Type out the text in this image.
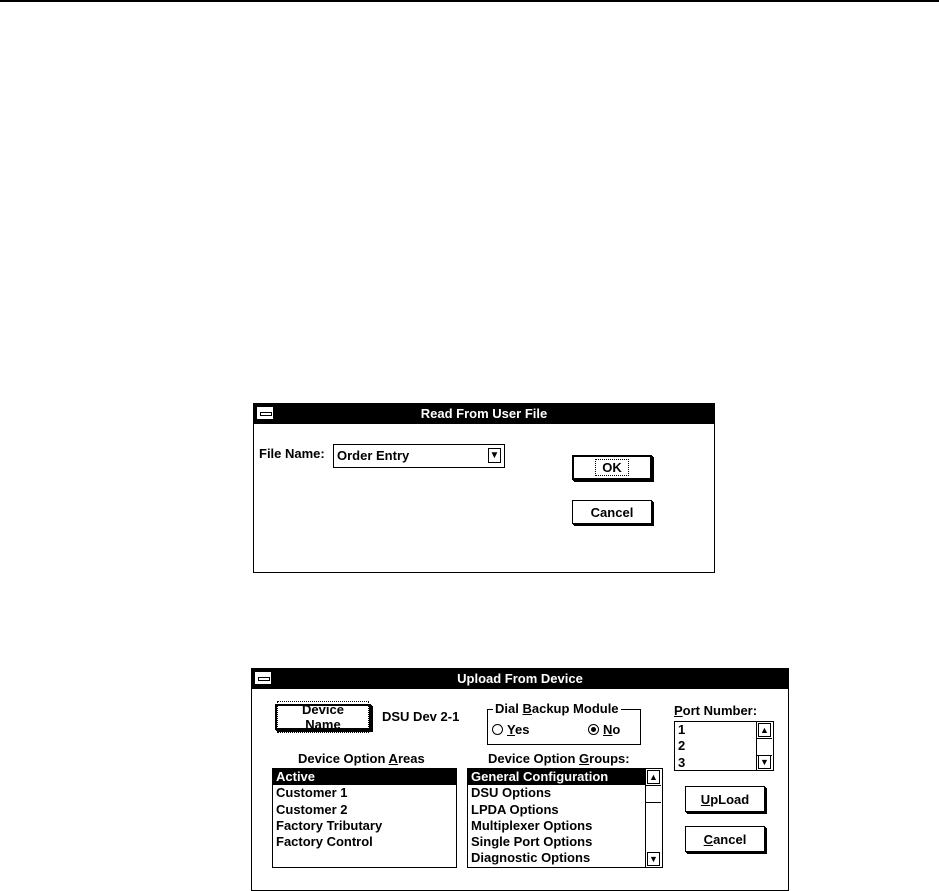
Read From User File
File Name: Order Entry	▼
OK
Cancel
Upload From Device
Device Name
DSU Dev 2-1
Dial Backup Module
Yes	No
Port Number:
1
2
3
▲
▼
Device Option Areas
Active
Customer 1
Customer 2
Factory Tributary
Factory Control
Device Option Groups:
General Configuration
DSU Options
LPDA Options
Multiplexer Options
Single Port Options
Diagnostic Options
▲
▼
UpLoad
Cancel
